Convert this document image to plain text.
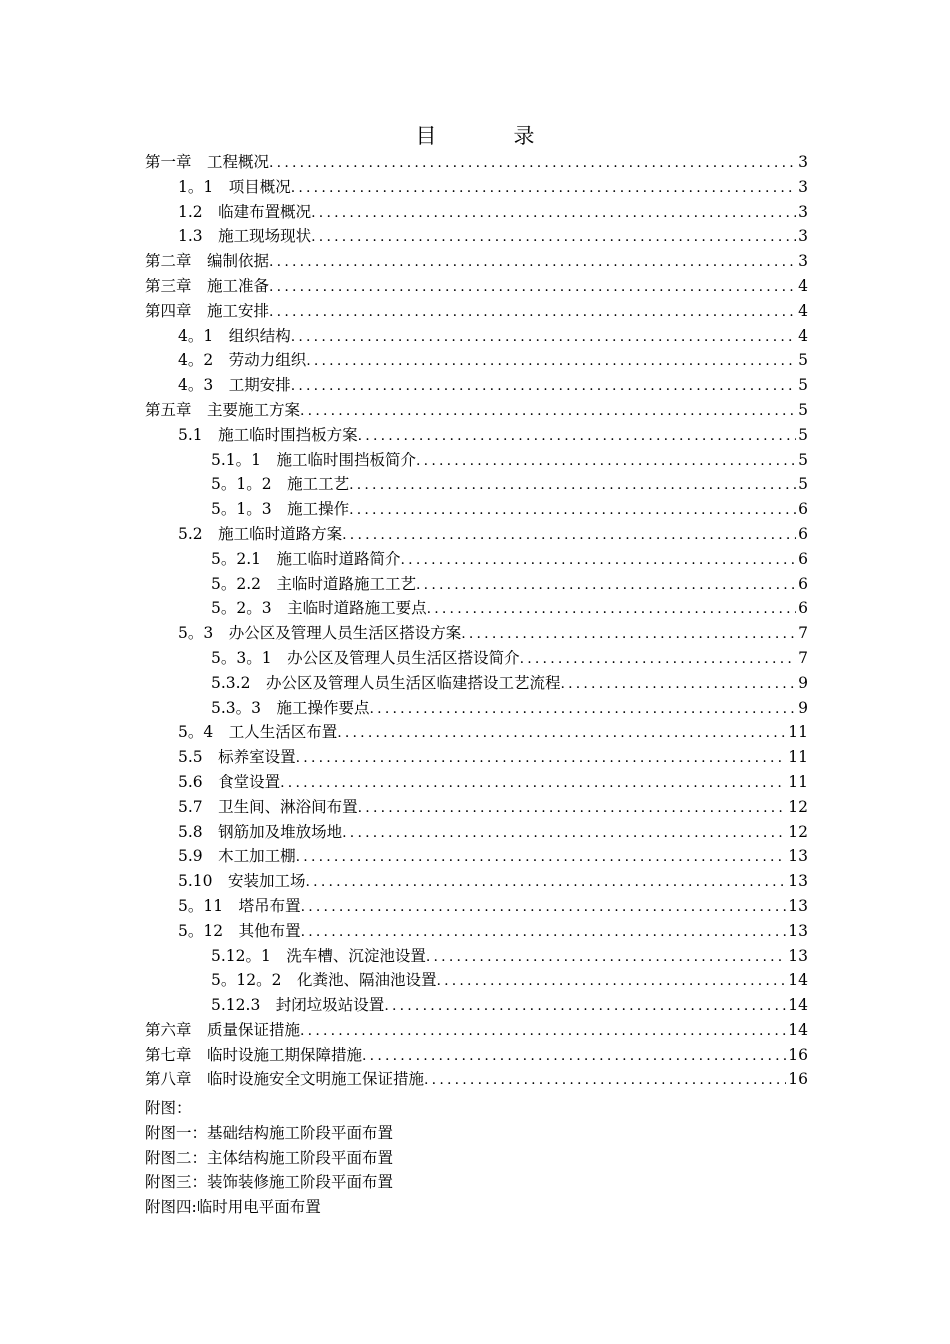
目　录
第一章　工程概况 .....	3
1。1　项目概况 .....	3
1.2　临建布置概况 .....	3
1.3　施工现场现状 .....	3
第二章　编制依据 .....	3
第三章　施工准备 .....	4
第四章　施工安排 .....	4
4。1　组织结构 .....	4
4。2　劳动力组织 .....	5
4。3　工期安排 .....	5
第五章　主要施工方案 .....	5
5.1　施工临时围挡板方案 .....	5
5.1。1　施工临时围挡板简介 .....	5
5。1。2　施工工艺 .....	5
5。1。3　施工操作 .....	6
5.2　施工临时道路方案 .....	6
5。2.1　施工临时道路简介 .....	6
5。2.2　主临时道路施工工艺 .....	6
5。2。3　主临时道路施工要点 .....	6
5。3　办公区及管理人员生活区搭设方案 .....	7
5。3。1　办公区及管理人员生活区搭设简介 .....	7
5.3.2　办公区及管理人员生活区临建搭设工艺流程 .....	9
5.3。3　施工操作要点 .....	9
5。4　工人生活区布置 .....	11
5.5　标养室设置 .....	11
5.6　食堂设置 .....	11
5.7　卫生间、淋浴间布置 .....	12
5.8　钢筋加及堆放场地 .....	12
5.9　木工加工棚 .....	13
5.10　安装加工场 .....	13
5。11　塔吊布置 .....	13
5。12　其他布置 .....	13
5.12。1　洗车槽、沉淀池设置 .....	13
5。12。2　化粪池、隔油池设置 .....	14
5.12.3　封闭垃圾站设置 .....	14
第六章　质量保证措施 .....	14
第七章　临时设施工期保障措施 .....	16
第八章　临时设施安全文明施工保证措施 .....	16
附图：
附图一：基础结构施工阶段平面布置
附图二：主体结构施工阶段平面布置
附图三：装饰装修施工阶段平面布置
附图四:临时用电平面布置
